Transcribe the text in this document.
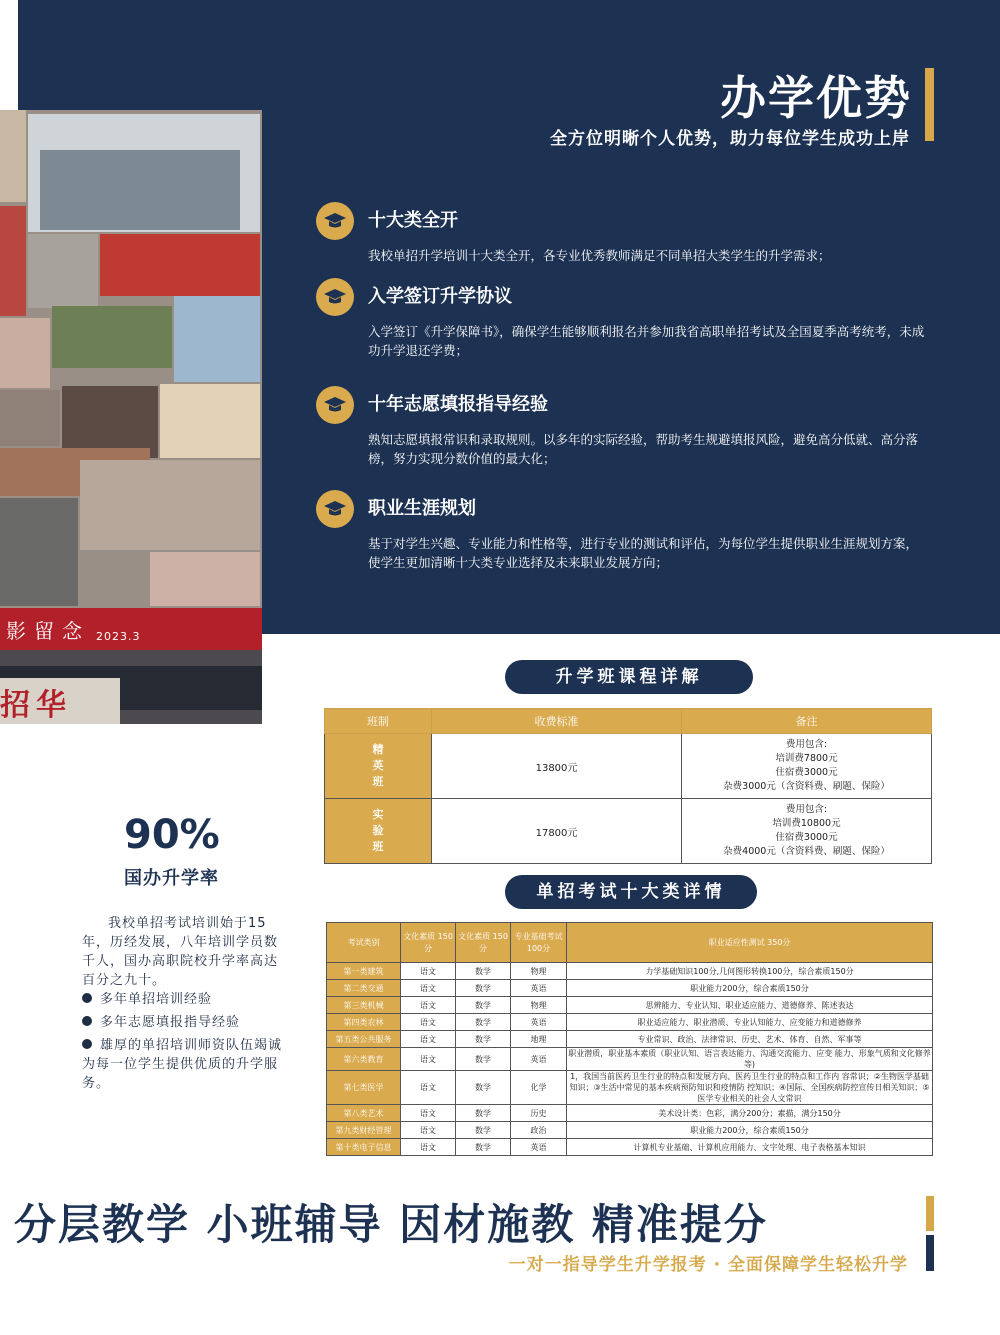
影留念 2023.3
招华
办学优势
全方位明晰个人优势，助力每位学生成功上岸
十大类全开
我校单招升学培训十大类全开，各专业优秀教师满足不同单招大类学生的升学需求；
入学签订升学协议
入学签订《升学保障书》，确保学生能够顺利报名并参加我省高职单招考试及全国夏季高考统考，未成功升学退还学费；
十年志愿填报指导经验
熟知志愿填报常识和录取规则。以多年的实际经验，帮助考生规避填报风险，避免高分低就、高分落榜，努力实现分数价值的最大化；
职业生涯规划
基于对学生兴趣、专业能力和性格等，进行专业的测试和评估，为每位学生提供职业生涯规划方案，使学生更加清晰十大类专业选择及未来职业发展方向；
升学班课程详解
班制	收费标准	备注
精英班	13800元	费用包含:
培训费7800元
住宿费3000元
杂费3000元（含资料费、刷题、保险）

实验班	17800元	费用包含:
培训费10800元
住宿费3000元
杂费4000元（含资料费、刷题、保险）
单招考试十大类详情
考试类别	文化素质 150分	文化素质 150分	专业基础考试 100分	职业适应性测试 350分
第一类建筑	语文	数学	物理	力学基础知识100分,几何图形转换100分，综合素质150分
第二类交通	语文	数学	英语	职业能力200分，综合素质150分
第三类机械	语文	数学	物理	思辨能力、专业认知、职业适应能力、道德修养、陈述表达
第四类农林	语文	数学	英语	职业适应能力、职业潜质、专业认知能力、应变能力和道德修养
第五类公共服务	语文	数学	地理	专业常识、政治、法律常识、历史、艺术、体育、自然、军事等
第六类教育	语文	数学	英语	职业潜质，职业基本素质（职业认知、语言表达能力、沟通交流能力、应变 能力、形象气质和文化修养等)
第七类医学	语文	数学	化学	1，我国当前医药卫生行业的特点和发展方向、医药卫生行业的特点和工作内 容常识；②生物医学基础知识；③生活中常见的基本疾病预防知识和疫情防 控知识；④国际、全国疾病防控宣传日相关知识；⑤医学专业相关的社会人文常识
第八类艺术	语文	数学	历史	美术设计类：色彩，满分200分；素描，满分150分
第九类财经管理	语文	数学	政治	职业能力200分，综合素质150分
第十类电子信息	语文	数学	英语	计算机专业基础、计算机应用能力、文字处理、电子表格基本知识
90%
国办升学率
我校单招考试培训始于15年，历经发展，八年培训学员数千人，国办高职院校升学率高达百分之九十。
多年单招培训经验
多年志愿填报指导经验
雄厚的单招培训师资队伍竭诚为每一位学生提供优质的升学服务。
分层教学 小班辅导 因材施教 精准提分
一对一指导学生升学报考 · 全面保障学生轻松升学
